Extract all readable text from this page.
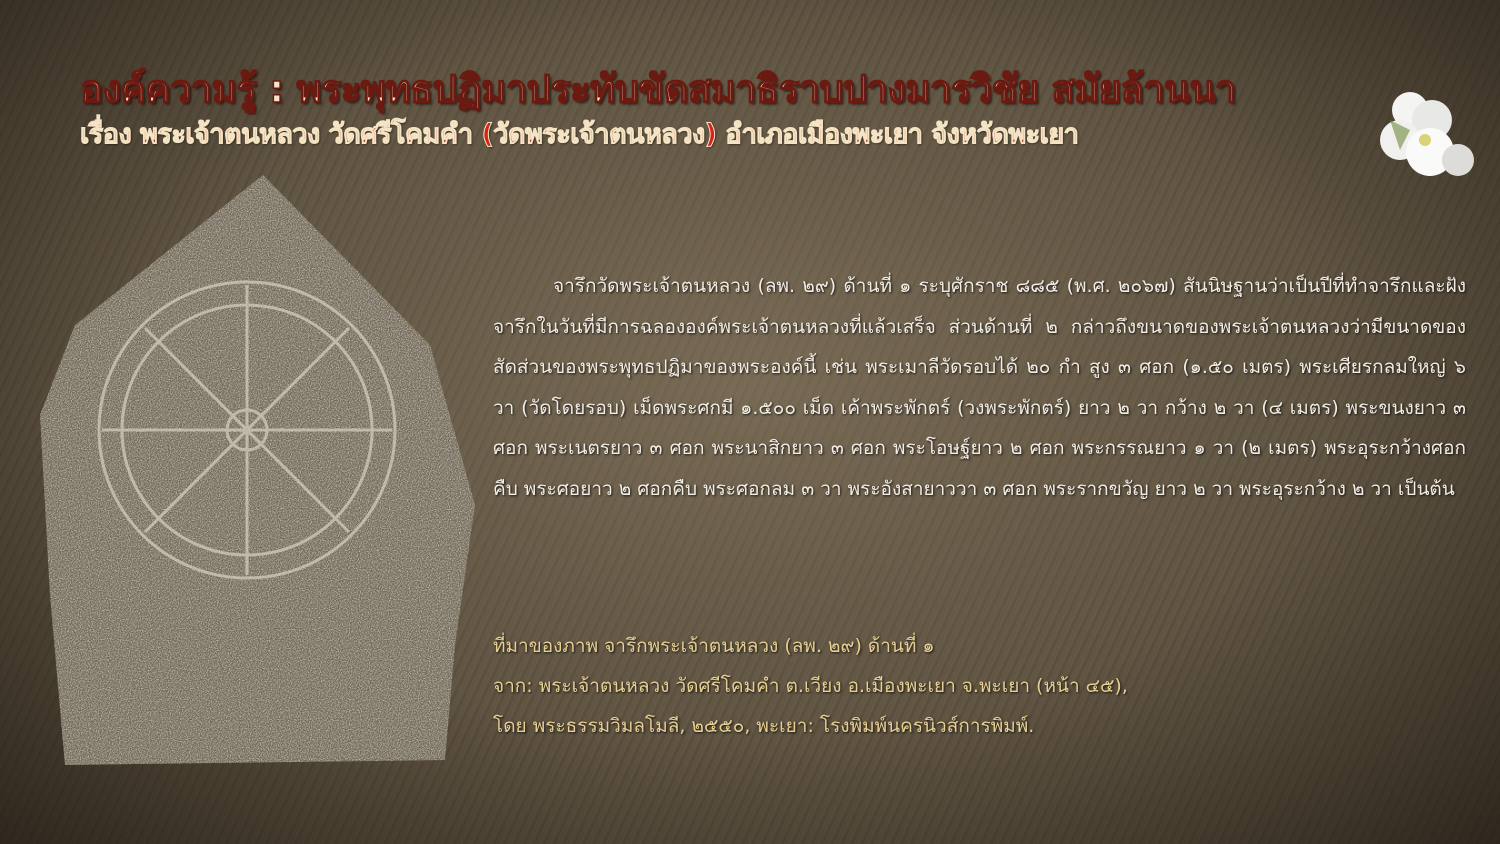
องค์ความรู้ : พระพุทธปฏิมาประทับขัดสมาธิราบปางมารวิชัย สมัยล้านนา
เรื่อง พระเจ้าตนหลวง วัดศรีโคมคำ (วัดพระเจ้าตนหลวง) อำเภอเมืองพะเยา จังหวัดพะเยา

จารึกวัดพระเจ้าตนหลวง (ลพ. ๒๙) ด้านที่ ๑ ระบุศักราช ๘๘๕ (พ.ศ. ๒๐๖๗) สันนิษฐานว่าเป็นปีที่ทำจารึกและฝังจารึกในวันที่มีการฉลององค์พระเจ้าตนหลวงที่แล้วเสร็จ ส่วนด้านที่ ๒ กล่าวถึงขนาดของพระเจ้าตนหลวงว่ามีขนาดของสัดส่วนของพระพุทธปฏิมาของพระองค์นี้ เช่น พระเมาลีวัดรอบได้ ๒๐ กำ สูง ๓ ศอก (๑.๕๐ เมตร) พระเศียรกลมใหญ่ ๖ วา (วัดโดยรอบ) เม็ดพระศกมี ๑.๕๐๐ เม็ด เค้าพระพักตร์ (วงพระพักตร์) ยาว ๒ วา กว้าง ๒ วา (๔ เมตร) พระขนงยาว ๓ ศอก พระเนตรยาว ๓ ศอก พระนาสิกยาว ๓ ศอก พระโอษฐ์ยาว ๒ ศอก พระกรรณยาว ๑ วา (๒ เมตร) พระอุระกว้างศอกคืบ พระศอยาว ๒ ศอกคืบ พระศอกลม ๓ วา พระอังสายาววา ๓ ศอก พระรากขวัญ ยาว ๒ วา พระอุระกว้าง ๒ วา เป็นต้น

ที่มาของภาพ จารึกพระเจ้าตนหลวง (ลพ. ๒๙) ด้านที่ ๑
จาก: พระเจ้าตนหลวง วัดศรีโคมคำ ต.เวียง อ.เมืองพะเยา จ.พะเยา (หน้า ๔๕),
โดย พระธรรมวิมลโมลี, ๒๕๕๐, พะเยา: โรงพิมพ์นครนิวส์การพิมพ์.
